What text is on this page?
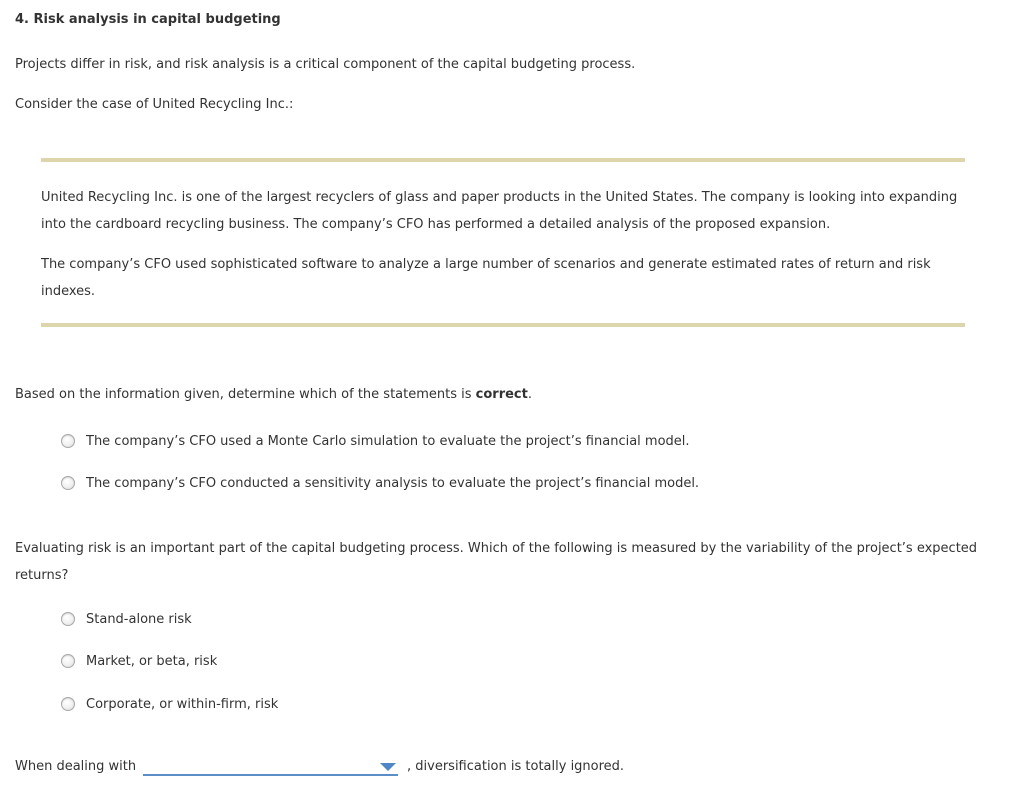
4. Risk analysis in capital budgeting
Projects differ in risk, and risk analysis is a critical component of the capital budgeting process.
Consider the case of United Recycling Inc.:
United Recycling Inc. is one of the largest recyclers of glass and paper products in the United States. The company is looking into expanding into the cardboard recycling business. The company’s CFO has performed a detailed analysis of the proposed expansion.
The company’s CFO used sophisticated software to analyze a large number of scenarios and generate estimated rates of return and risk indexes.
Based on the information given, determine which of the statements is correct.
The company’s CFO used a Monte Carlo simulation to evaluate the project’s financial model.
The company’s CFO conducted a sensitivity analysis to evaluate the project’s financial model.
Evaluating risk is an important part of the capital budgeting process. Which of the following is measured by the variability of the project’s expected returns?
Stand-alone risk
Market, or beta, risk
Corporate, or within-firm, risk
When dealing with	, diversification is totally ignored.
